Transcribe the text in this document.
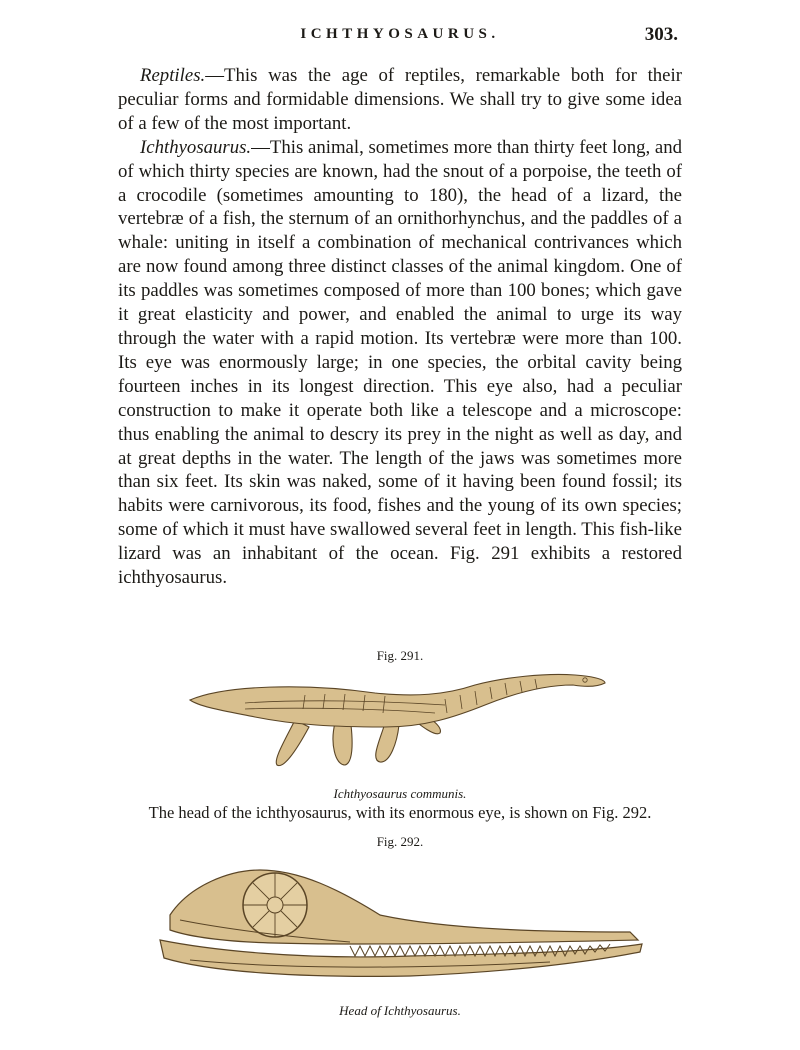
ICHTHYOSAURUS.	303.

Reptiles.—This was the age of reptiles, remarkable both for their peculiar forms and formidable dimensions. We shall try to give some idea of a few of the most important.

Ichthyosaurus.—This animal, sometimes more than thirty feet long, and of which thirty species are known, had the snout of a porpoise, the teeth of a crocodile (sometimes amounting to 180), the head of a lizard, the vertebræ of a fish, the sternum of an ornithorhynchus, and the paddles of a whale: uniting in itself a combination of mechanical contrivances which are now found among three distinct classes of the animal kingdom. One of its paddles was sometimes composed of more than 100 bones; which gave it great elasticity and power, and enabled the animal to urge its way through the water with a rapid motion. Its vertebræ were more than 100. Its eye was enormously large; in one species, the orbital cavity being fourteen inches in its longest direction. This eye also, had a peculiar construction to make it operate both like a telescope and a microscope: thus enabling the animal to descry its prey in the night as well as day, and at great depths in the water. The length of the jaws was sometimes more than six feet. Its skin was naked, some of it having been found fossil; its habits were carnivorous, its food, fishes and the young of its own species; some of which it must have swallowed several feet in length. This fish-like lizard was an inhabitant of the ocean. Fig. 291 exhibits a restored ichthyosaurus.

Fig. 291.
Ichthyosaurus communis.
The head of the ichthyosaurus, with its enormous eye, is shown on Fig. 292.
Fig. 292.
Head of Ichthyosaurus.
